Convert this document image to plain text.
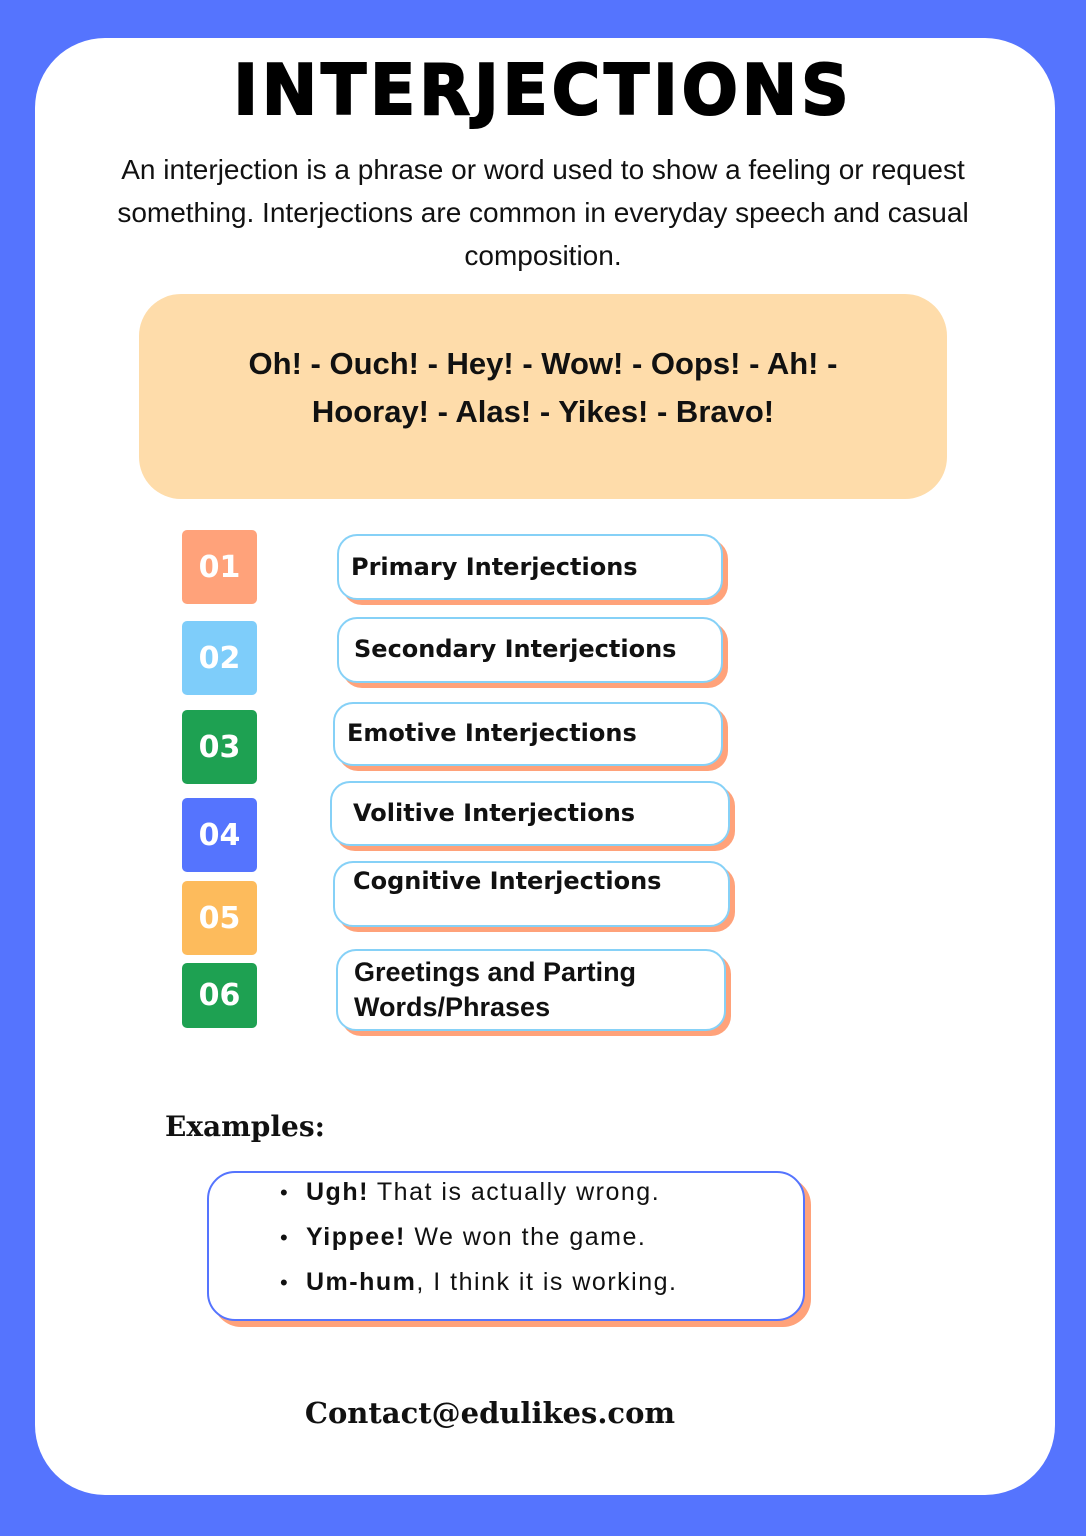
INTERJECTIONS
An interjection is a phrase or word used to show a feeling or request something. Interjections are common in everyday speech and casual composition.
Oh! - Ouch! - Hey! - Wow! - Oops! - Ah! -
Hooray! - Alas! - Yikes! - Bravo!
01
02
03
04
05
06
Primary Interjections
Secondary Interjections
Emotive Interjections
Volitive Interjections
Cognitive Interjections
Greetings and Parting
Words/Phrases
Examples:
• Ugh! That is actually wrong.
• Yippee! We won the game.
• Um-hum, I think it is working.
Contact@edulikes.com
